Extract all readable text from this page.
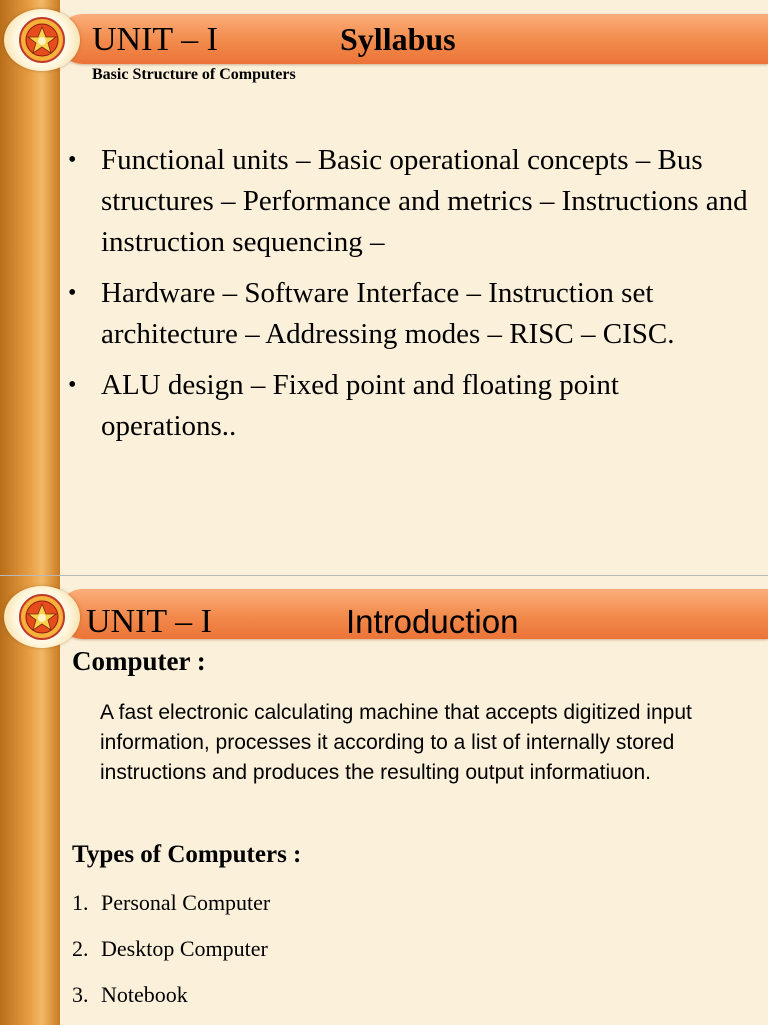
UNIT – I	Syllabus
Basic Structure of Computers
• Functional units – Basic operational concepts – Bus structures – Performance and metrics – Instructions and instruction sequencing –
• Hardware – Software Interface – Instruction set architecture – Addressing modes – RISC – CISC.
• ALU design – Fixed point and floating point operations..
UNIT – I	Introduction
Computer :
A fast electronic calculating machine that accepts digitized input information, processes it according to a list of internally stored instructions and produces the resulting output informatiuon.
Types of Computers :
1. Personal Computer
2. Desktop Computer
3. Notebook
